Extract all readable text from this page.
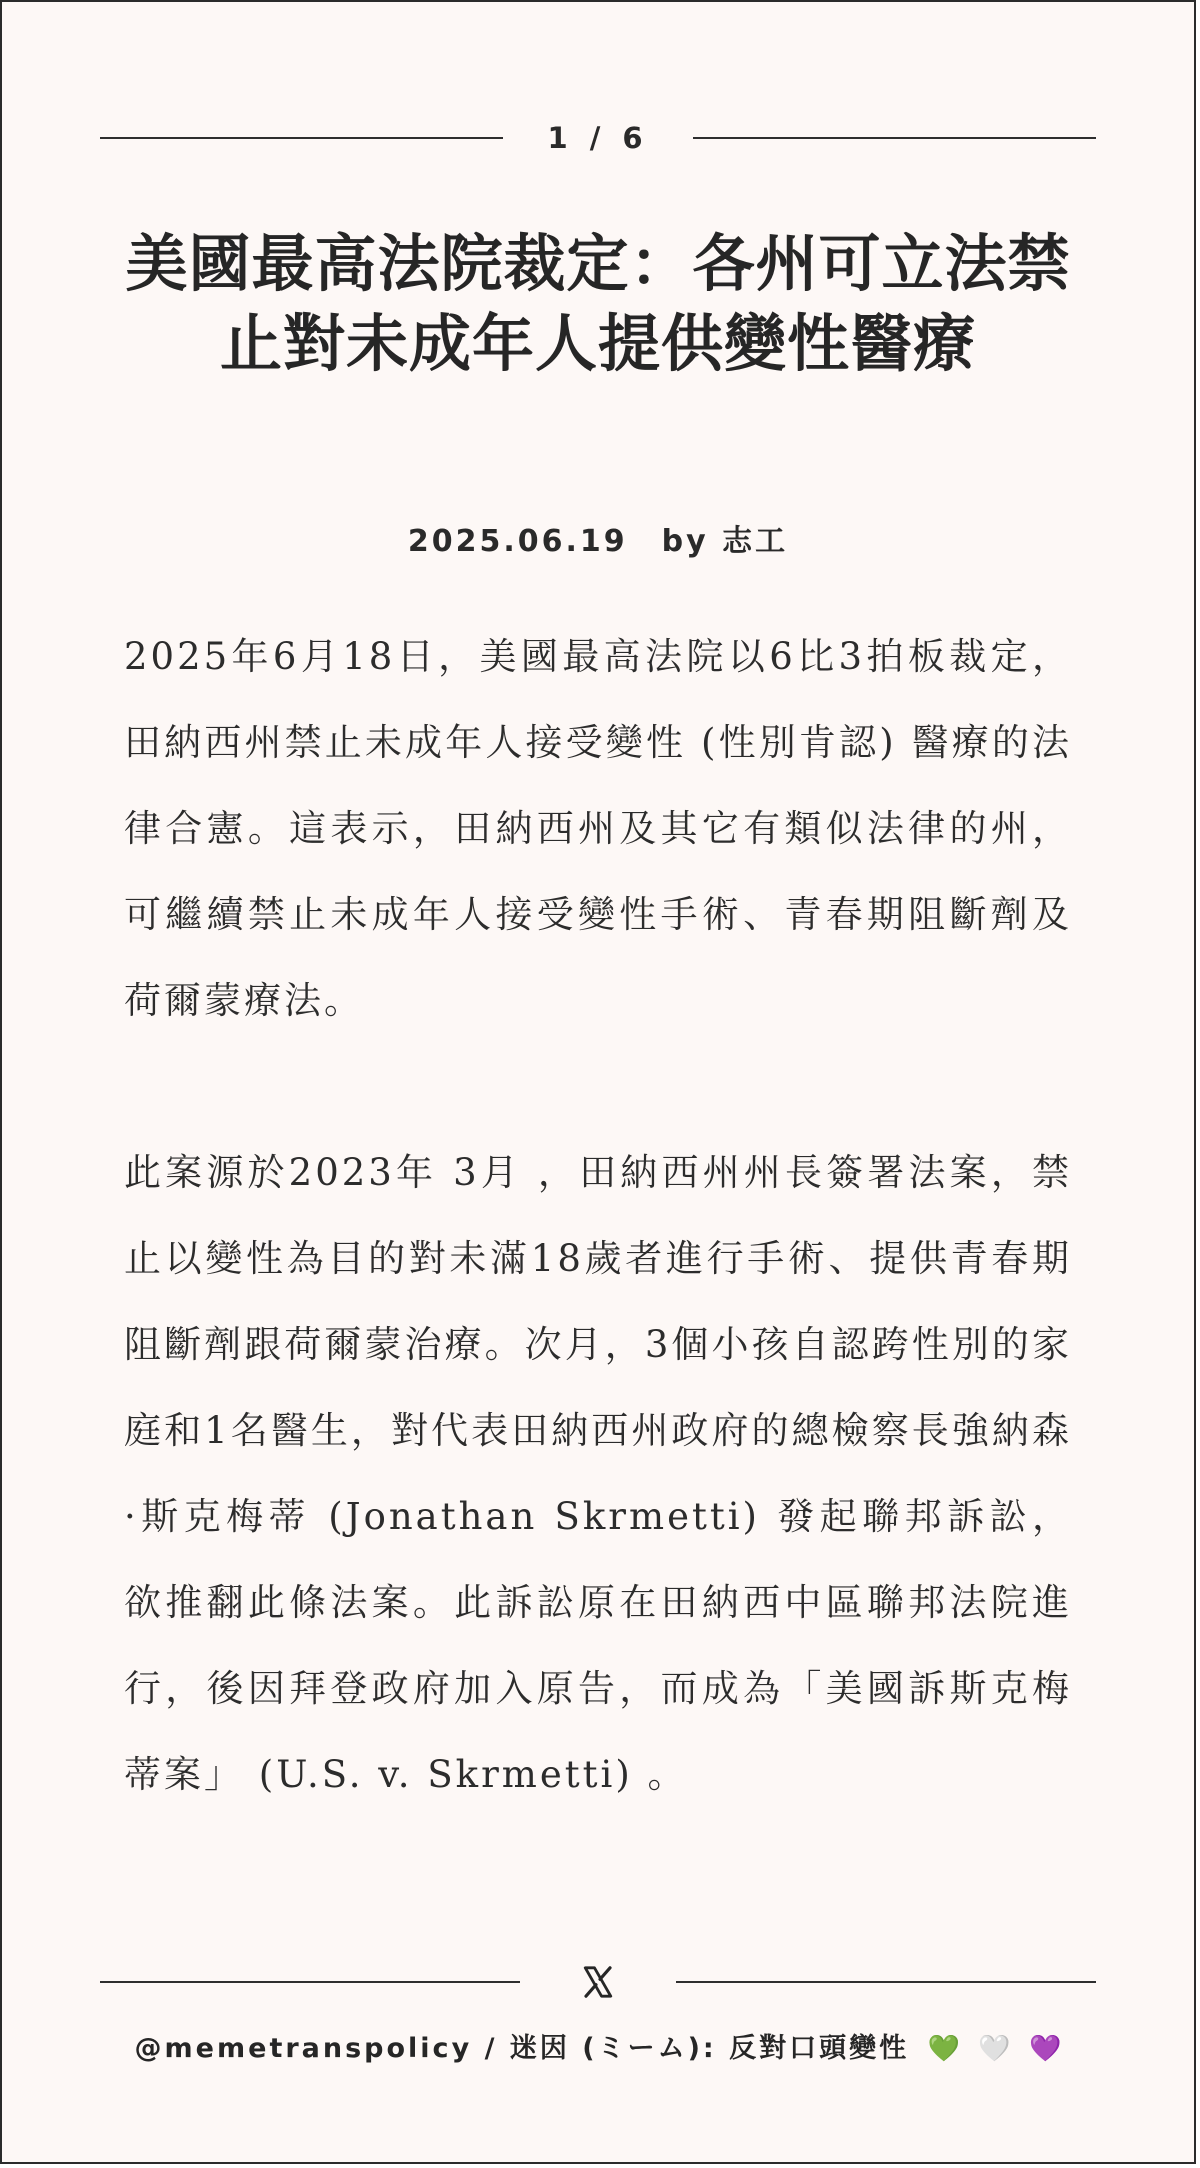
1 / 6
美國最高法院裁定：各州可立法禁止對未成年人提供變性醫療
2025.06.19 by 志工

2025年6月18日，美國最高法院以6比3拍板裁定，田納西州禁止未成年人接受變性 (性別肯認) 醫療的法律合憲。這表示，田納西州及其它有類似法律的州，可繼續禁止未成年人接受變性手術、青春期阻斷劑及荷爾蒙療法。

此案源於2023年 3月 ，田納西州州長簽署法案，禁止以變性為目的對未滿18歲者進行手術、提供青春期阻斷劑跟荷爾蒙治療。次月，3個小孩自認跨性別的家庭和1名醫生，對代表田納西州政府的總檢察長強納森·斯克梅蒂 (Jonathan Skrmetti) 發起聯邦訴訟，欲推翻此條法案。此訴訟原在田納西中區聯邦法院進行，後因拜登政府加入原告，而成為「美國訴斯克梅蒂案」 (U.S. v. Skrmetti) 。

@memetranspolicy / 迷因 (ミーム): 反對口頭變性 💚 🤍 💜
